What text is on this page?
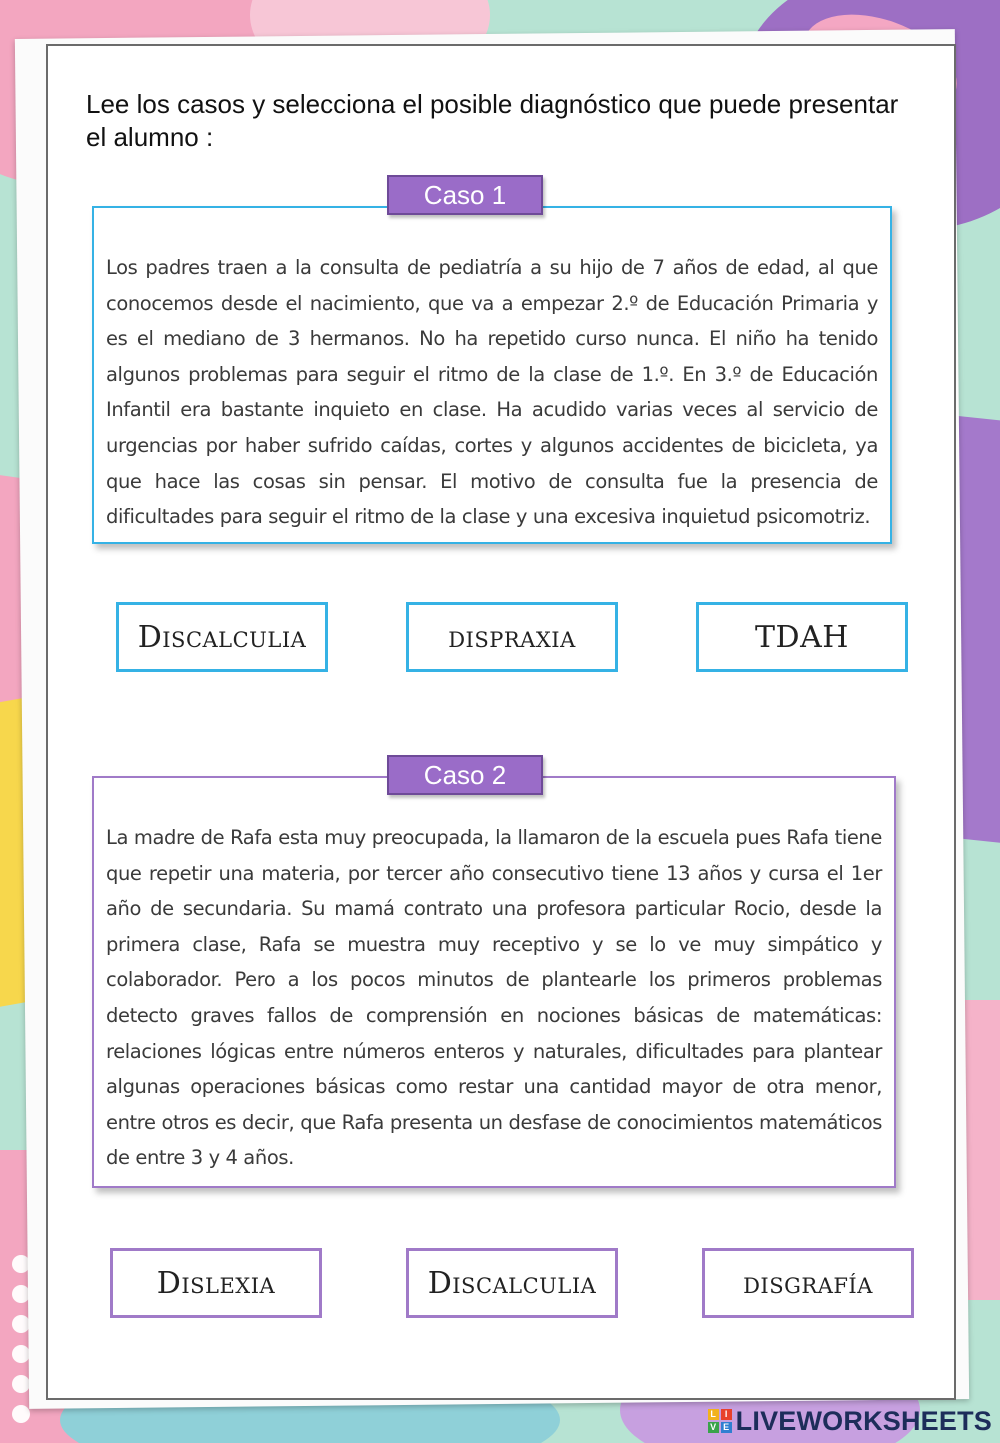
Lee los casos y selecciona el posible diagnóstico que puede presentar el alumno :
Los padres traen a la consulta de pediatría a su hijo de 7 años de edad, al que conocemos desde el nacimiento, que va a empezar 2.º de Educación Primaria y es el mediano de 3 hermanos. No ha repetido curso nunca. El niño ha tenido algunos problemas para seguir el ritmo de la clase de 1.º. En 3.º de Educación Infantil era bastante inquieto en clase. Ha acudido varias veces al servicio de urgencias por haber sufrido caídas, cortes y algunos accidentes de bicicleta, ya que hace las cosas sin pensar. El motivo de consulta fue la presencia de dificultades para seguir el ritmo de la clase y una excesiva inquietud psicomotriz.
Caso 1
Discalculia	dispraxia	TDAH
La madre de Rafa esta muy preocupada, la llamaron de la escuela pues Rafa tiene que repetir una materia, por tercer año consecutivo tiene 13 años y cursa el 1er año de secundaria. Su mamá contrato una profesora particular Rocio, desde la primera clase, Rafa se muestra muy receptivo y se lo ve muy simpático y colaborador. Pero a los pocos minutos de plantearle los primeros problemas detecto graves fallos de comprensión en nociones básicas de matemáticas: relaciones lógicas entre números enteros y naturales, dificultades para plantear algunas operaciones básicas como restar una cantidad mayor de otra menor, entre otros es decir, que Rafa presenta un desfase de conocimientos matemáticos de entre 3 y 4 años.
Caso 2
Dislexia	Discalculia	disgrafía
L I
V E LIVEWORKSHEETS
